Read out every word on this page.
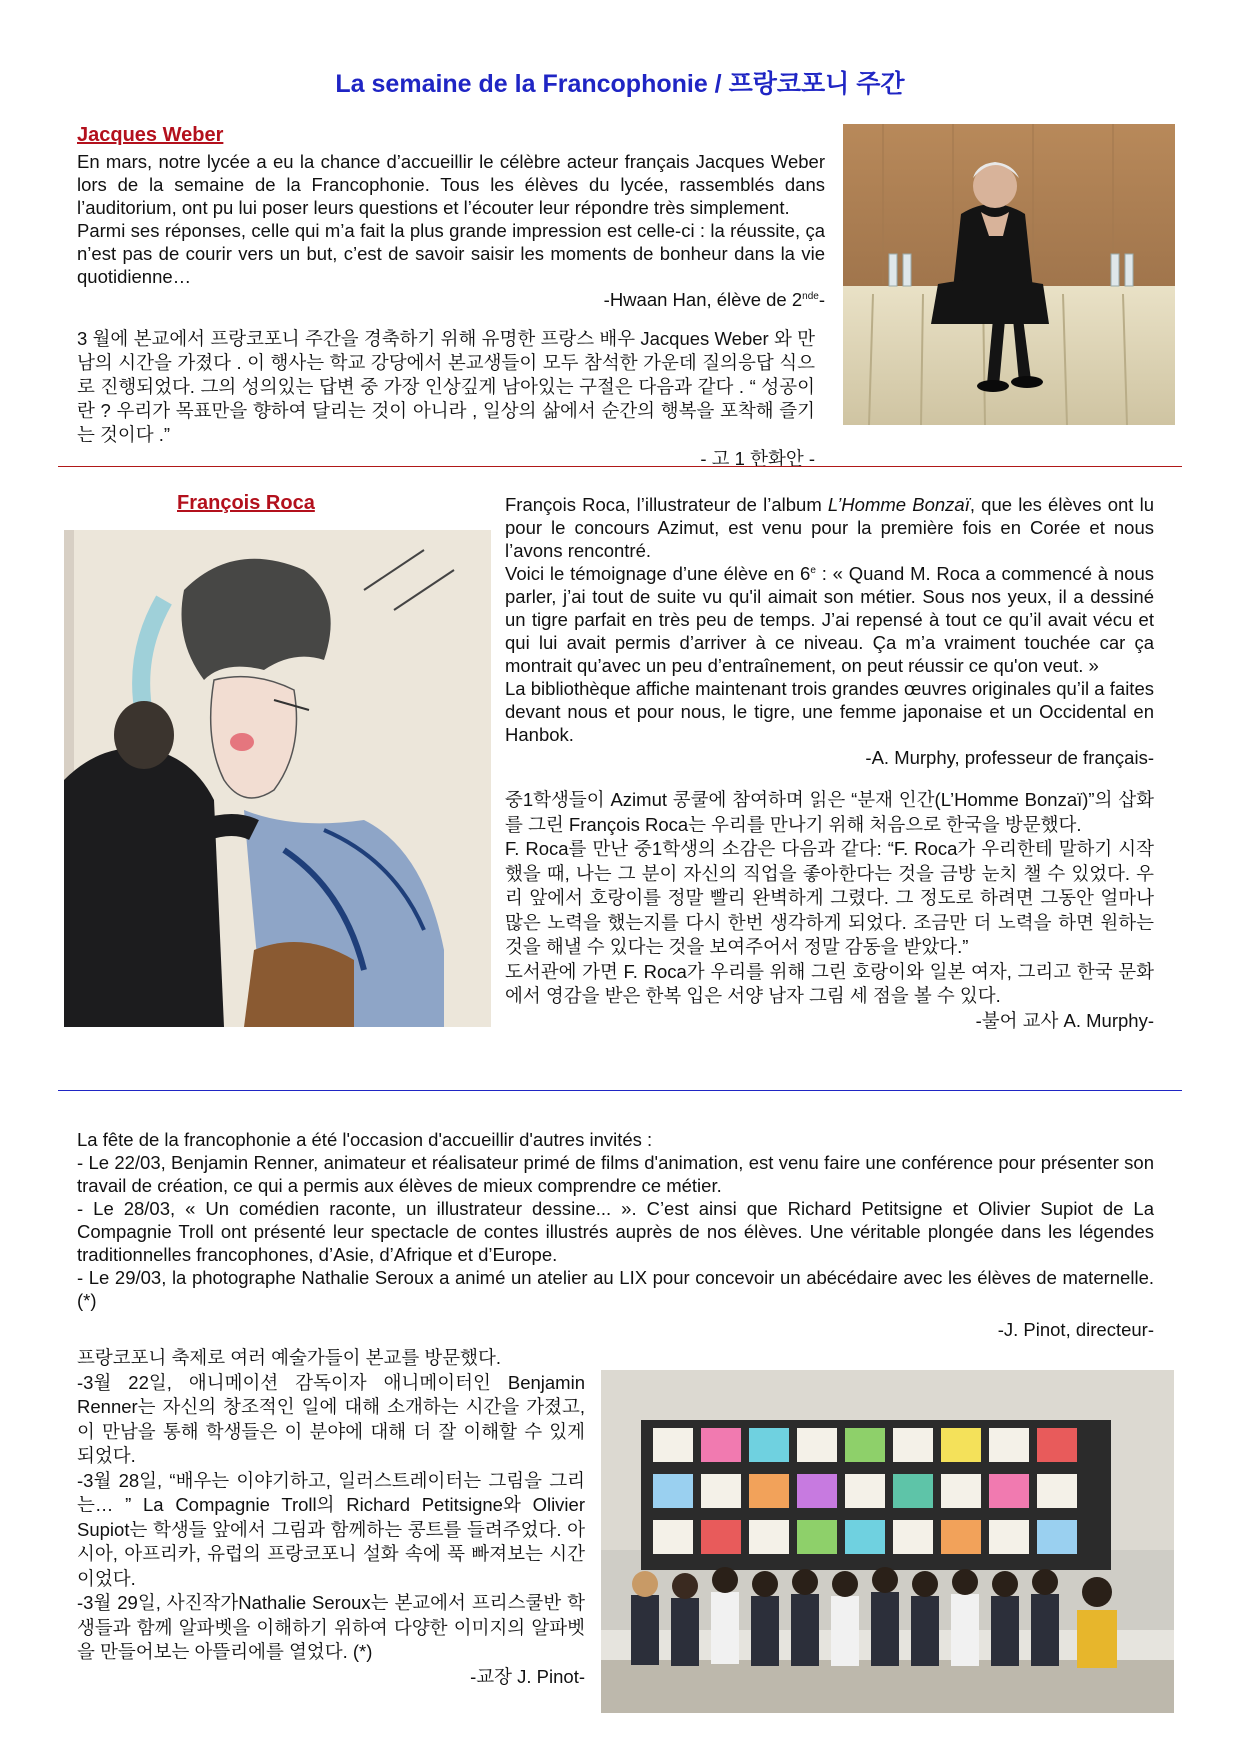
La semaine de la Francophonie / 프랑코포니 주간
Jacques Weber

En mars, notre lycée a eu la chance d’accueillir le célèbre acteur français Jacques Weber lors de la semaine de la Francophonie. Tous les élèves du lycée, rassemblés dans l’auditorium, ont pu lui poser leurs questions et l’écouter leur répondre très simplement.

Parmi ses réponses, celle qui m’a fait la plus grande impression est celle-ci : la réussite, ça n’est pas de courir vers un but, c’est de savoir saisir les moments de bonheur dans la vie quotidienne…

-Hwaan Han, élève de 2nde-

3 월에 본교에서 프랑코포니 주간을 경축하기 위해 유명한 프랑스 배우 Jacques Weber 와 만남의 시간을 가졌다 . 이 행사는 학교 강당에서 본교생들이 모두 참석한 가운데 질의응답 식으로 진행되었다. 그의 성의있는 답변 중 가장 인상깊게 남아있는 구절은 다음과 같다 . “ 성공이란 ? 우리가 목표만을 향하여 달리는 것이 아니라 , 일상의 삶에서 순간의 행복을 포착해 즐기는 것이다 .”

- 고 1 한화안 -

François Roca	François Roca, l’illustrateur de l’album L’Homme Bonzaï, que les élèves ont lu pour le concours Azimut, est venu pour la première fois en Corée et nous l’avons rencontré.

Voici le témoignage d’une élève en 6e : « Quand M. Roca a commencé à nous parler, j’ai tout de suite vu qu'il aimait son métier. Sous nos yeux, il a dessiné un tigre parfait en très peu de temps. J’ai repensé à tout ce qu’il avait vécu et qui lui avait permis d’arriver à ce niveau. Ça m’a vraiment touchée car ça montrait qu’avec un peu d’entraînement, on peut réussir ce qu'on veut. »

La bibliothèque affiche maintenant trois grandes œuvres originales qu’il a faites devant nous et pour nous, le tigre, une femme japonaise et un Occidental en Hanbok.

-A. Murphy, professeur de français-

중1학생들이 Azimut 콩쿨에 참여하며 읽은 “분재 인간(L’Homme Bonzaï)”의 삽화를 그린 François Roca는 우리를 만나기 위해 처음으로 한국을 방문했다.

F. Roca를 만난 중1학생의 소감은 다음과 같다: “F. Roca가 우리한테 말하기 시작했을 때, 나는 그 분이 자신의 직업을 좋아한다는 것을 금방 눈치 챌 수 있었다. 우리 앞에서 호랑이를 정말 빨리 완벽하게 그렸다. 그 정도로 하려면 그동안 얼마나 많은 노력을 했는지를 다시 한번 생각하게 되었다. 조금만 더 노력을 하면 원하는 것을 해낼 수 있다는 것을 보여주어서 정말 감동을 받았다.”

도서관에 가면 F. Roca가 우리를 위해 그린 호랑이와 일본 여자, 그리고 한국 문화에서 영감을 받은 한복 입은 서양 남자 그림 세 점을 볼 수 있다.

-불어 교사 A. Murphy-

La fête de la francophonie a été l'occasion d'accueillir d'autres invités :

- Le 22/03, Benjamin Renner, animateur et réalisateur primé de films d'animation, est venu faire une conférence pour présenter son travail de création, ce qui a permis aux élèves de mieux comprendre ce métier.

- Le 28/03, « Un comédien raconte, un illustrateur dessine... ». C’est ainsi que Richard Petitsigne et Olivier Supiot de La Compagnie Troll ont présenté leur spectacle de contes illustrés auprès de nos élèves. Une véritable plongée dans les légendes traditionnelles francophones, d’Asie, d’Afrique et d’Europe.

- Le 29/03, la photographe Nathalie Seroux a animé un atelier au LIX pour concevoir un abécédaire avec les élèves de maternelle.(*)

-J. Pinot, directeur-

프랑코포니 축제로 여러 예술가들이 본교를 방문했다.

-3월 22일, 애니메이션 감독이자 애니메이터인 Benjamin Renner는 자신의 창조적인 일에 대해 소개하는 시간을 가졌고, 이 만남을 통해 학생들은 이 분야에 대해 더 잘 이해할 수 있게 되었다.

-3월 28일, “배우는 이야기하고, 일러스트레이터는 그림을 그리는… ” La Compagnie Troll의 Richard Petitsigne와 Olivier Supiot는 학생들 앞에서 그림과 함께하는 콩트를 들려주었다. 아시아, 아프리카, 유럽의 프랑코포니 설화 속에 푹 빠져보는 시간이었다.

-3월 29일, 사진작가Nathalie Seroux는 본교에서 프리스쿨반 학생들과 함께 알파벳을 이해하기 위하여 다양한 이미지의 알파벳을 만들어보는 아뜰리에를 열었다. (*)

-교장 J. Pinot-
